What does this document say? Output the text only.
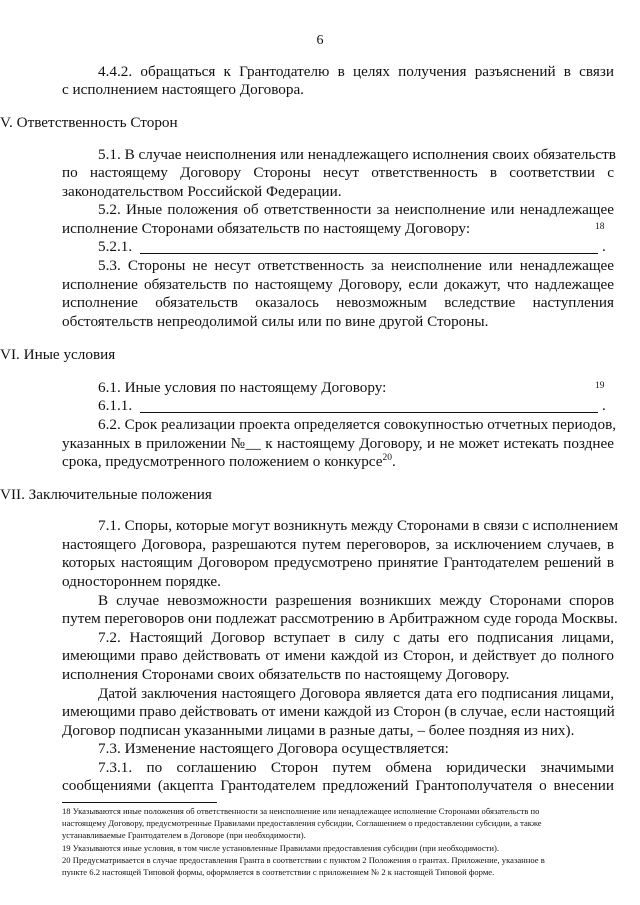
6

4.4.2. обращаться к Грантодателю в целях получения разъяснений в связи

с исполнением настоящего Договора.

V. Ответственность Сторон

5.1. В случае неисполнения или ненадлежащего исполнения своих обязательств

по настоящему Договору Стороны несут ответственность в соответствии с

законодательством Российской Федерации.

5.2. Иные положения об ответственности за неисполнение или ненадлежащее

исполнение Сторонами обязательств по настоящему Договору:

5.2.1.

18
.

5.3. Стороны не несут ответственность за неисполнение или ненадлежащее

исполнение обязательств по настоящему Договору, если докажут, что надлежащее

исполнение обязательств оказалось невозможным вследствие наступления

обстоятельств непреодолимой силы или по вине другой Стороны.

VI. Иные условия

6.1. Иные условия по настоящему Договору:

6.1.1.

19
.

6.2. Срок реализации проекта определяется совокупностью отчетных периодов,

указанных в приложении №__ к настоящему Договору, и не может истекать позднее

срока, предусмотренного положением о конкурсе$^{20}$.

VII. Заключительные положения

7.1. Споры, которые могут возникнуть между Сторонами в связи с исполнением

настоящего Договора, разрешаются путем переговоров, за исключением случаев, в

которых настоящим Договором предусмотрено принятие Грантодателем решений в

одностороннем порядке.

В случае невозможности разрешения возникших между Сторонами споров

путем переговоров они подлежат рассмотрению в Арбитражном суде города Москвы.

7.2. Настоящий Договор вступает в силу с даты его подписания лицами,

имеющими право действовать от имени каждой из Сторон, и действует до полного

исполнения Сторонами своих обязательств по настоящему Договору.

Датой заключения настоящего Договора является дата его подписания лицами,

имеющими право действовать от имени каждой из Сторон (в случае, если настоящий

Договор подписан указанными лицами в разные даты, – более поздняя из них).

7.3. Изменение настоящего Договора осуществляется:

7.3.1. по соглашению Сторон путем обмена юридически значимыми

сообщениями (акцепта Грантодателем предложений Грантополучателя о внесении

18 Указываются иные положения об ответственности за неисполнение или ненадлежащее исполнение Сторонами обязательств по

настоящему Договору, предусмотренные Правилами предоставления субсидии, Соглашением о предоставлении субсидии, а также

устанавливаемые Грантодателем в Договоре (при необходимости).

19 Указываются иные условия, в том числе установленные Правилами предоставления субсидии (при необходимости).

20 Предусматривается в случае предоставления Гранта в соответствии с пунктом 2 Положения о грантах. Приложение, указанное в

пункте 6.2 настоящей Типовой формы, оформляется в соответствии с приложением № 2 к настоящей Типовой форме.
